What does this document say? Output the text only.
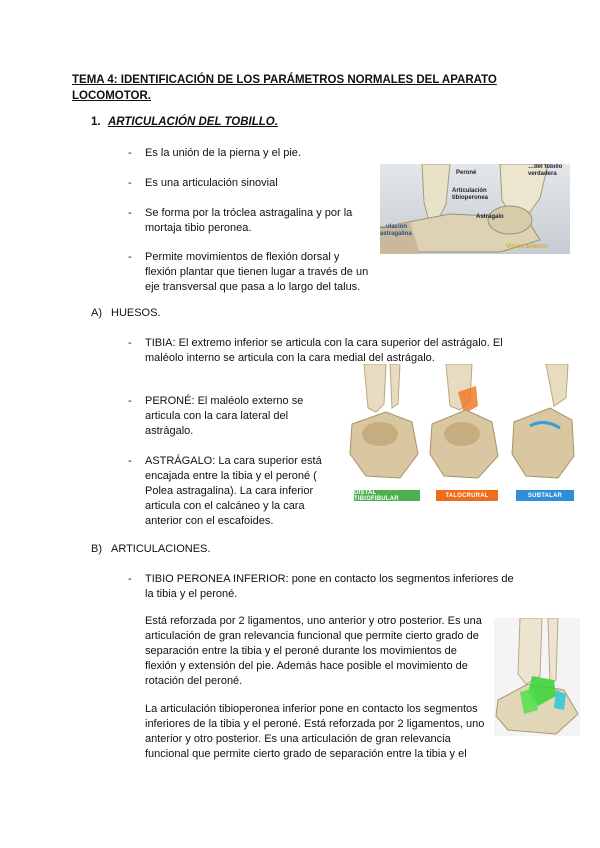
TEMA 4: IDENTIFICACIÓN DE LOS PARÁMETROS NORMALES DEL APARATO LOCOMOTOR.
1. ARTICULACIÓN DEL TOBILLO.
- Es la unión de la pierna y el pie.
- Es una articulación sinovial
- Se forma por la tróclea astragalina y por la mortaja tibio peronea.
- Permite movimientos de flexión dorsal y flexión plantar que tienen lugar a través de un eje transversal que pasa a lo largo del talus.
Peroné
Articulación tibioperonea
Astrágalo
…ulación astragalina
…del tobillo verdadera
Visión anterior
A) HUESOS.
- TIBIA: El extremo inferior se articula con la cara superior del astrágalo. El maléolo interno se articula con la cara medial del astrágalo.
- PERONÉ: El maléolo externo se articula con la cara lateral del astrágalo.
- ASTRÁGALO: La cara superior está encajada entre la tibia y el peroné ( Polea astragalina). La cara inferior articula con el calcáneo y la cara anterior con el escafoides.
DISTAL TIBIOFIBULAR	TALOCRURAL	SUBTALAR
B) ARTICULACIONES.
- TIBIO PERONEA INFERIOR: pone en contacto los segmentos inferiores de la tibia y el peroné.
Está reforzada por 2 ligamentos, uno anterior y otro posterior. Es una articulación de gran relevancia funcional que permite cierto grado de separación entre la tibia y el peroné durante los movimientos de flexión y extensión del pie. Además hace posible el movimiento de rotación del peroné.
La articulación tibioperonea inferior pone en contacto los segmentos inferiores de la tibia y el peroné. Está reforzada por 2 ligamentos, uno anterior y otro posterior. Es una articulación de gran relevancia funcional que permite cierto grado de separación entre la tibia y el
